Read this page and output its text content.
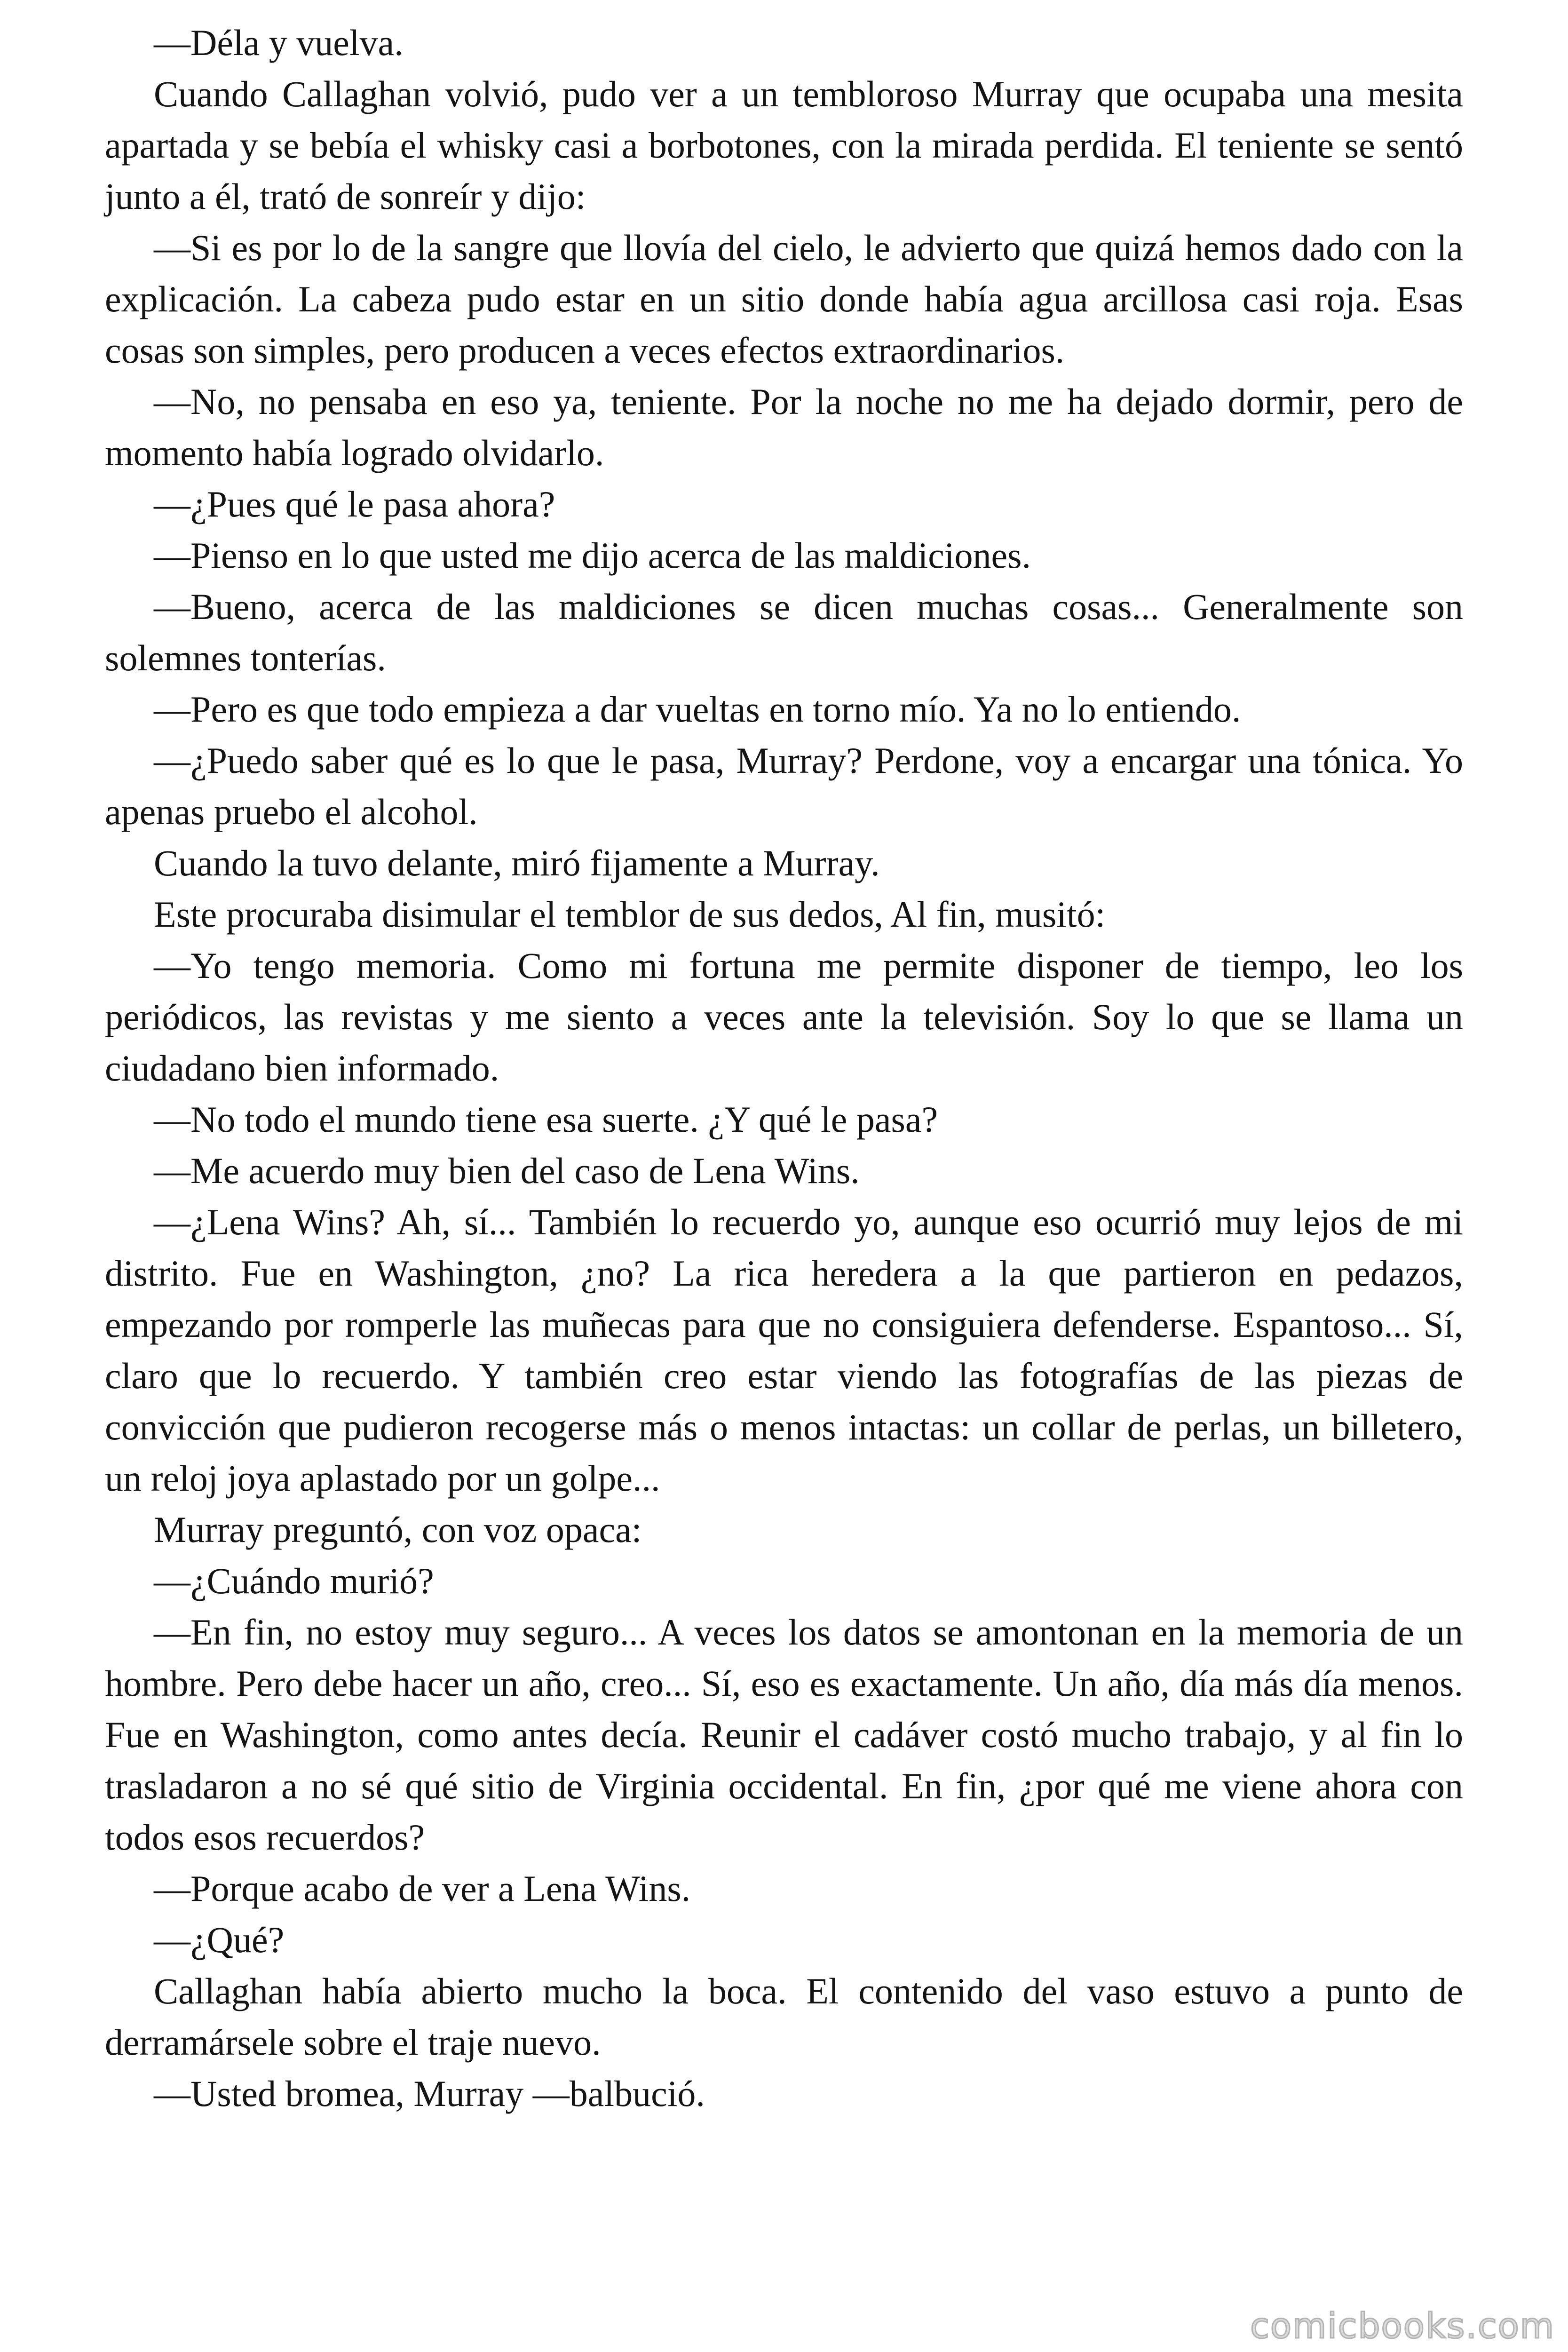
—Déla y vuelva.

Cuando Callaghan volvió, pudo ver a un tembloroso Murray que ocupaba una mesita apartada y se bebía el whisky casi a borbotones, con la mirada perdida. El teniente se sentó junto a él, trató de sonreír y dijo:

—Si es por lo de la sangre que llovía del cielo, le advierto que quizá hemos dado con la explicación. La cabeza pudo estar en un sitio donde había agua arcillosa casi roja. Esas cosas son simples, pero producen a veces efectos extraordinarios.

—No, no pensaba en eso ya, teniente. Por la noche no me ha dejado dormir, pero de momento había logrado olvidarlo.

—¿Pues qué le pasa ahora?

—Pienso en lo que usted me dijo acerca de las maldiciones.

—Bueno, acerca de las maldiciones se dicen muchas cosas... Generalmente son solemnes tonterías.

—Pero es que todo empieza a dar vueltas en torno mío. Ya no lo entiendo.

—¿Puedo saber qué es lo que le pasa, Murray? Perdone, voy a encargar una tónica. Yo apenas pruebo el alcohol.

Cuando la tuvo delante, miró fijamente a Murray.

Este procuraba disimular el temblor de sus dedos, Al fin, musitó:

—Yo tengo memoria. Como mi fortuna me permite disponer de tiempo, leo los periódicos, las revistas y me siento a veces ante la televisión. Soy lo que se llama un ciudadano bien informado.

—No todo el mundo tiene esa suerte. ¿Y qué le pasa?

—Me acuerdo muy bien del caso de Lena Wins.

—¿Lena Wins? Ah, sí... También lo recuerdo yo, aunque eso ocurrió muy lejos de mi distrito. Fue en Washington, ¿no? La rica heredera a la que partieron en pedazos, empezando por romperle las muñecas para que no consiguiera defenderse. Espantoso... Sí, claro que lo recuerdo. Y también creo estar viendo las fotografías de las piezas de convicción que pudieron recogerse más o menos intactas: un collar de perlas, un billetero, un reloj joya aplastado por un golpe...

Murray preguntó, con voz opaca:

—¿Cuándo murió?

—En fin, no estoy muy seguro... A veces los datos se amontonan en la memoria de un hombre. Pero debe hacer un año, creo... Sí, eso es exactamente. Un año, día más día menos. Fue en Washington, como antes decía. Reunir el cadáver costó mucho trabajo, y al fin lo trasladaron a no sé qué sitio de Virginia occidental. En fin, ¿por qué me viene ahora con todos esos recuerdos?

—Porque acabo de ver a Lena Wins.

—¿Qué?

Callaghan había abierto mucho la boca. El contenido del vaso estuvo a punto de derramársele sobre el traje nuevo.

—Usted bromea, Murray —balbució.

comicbooks.com
